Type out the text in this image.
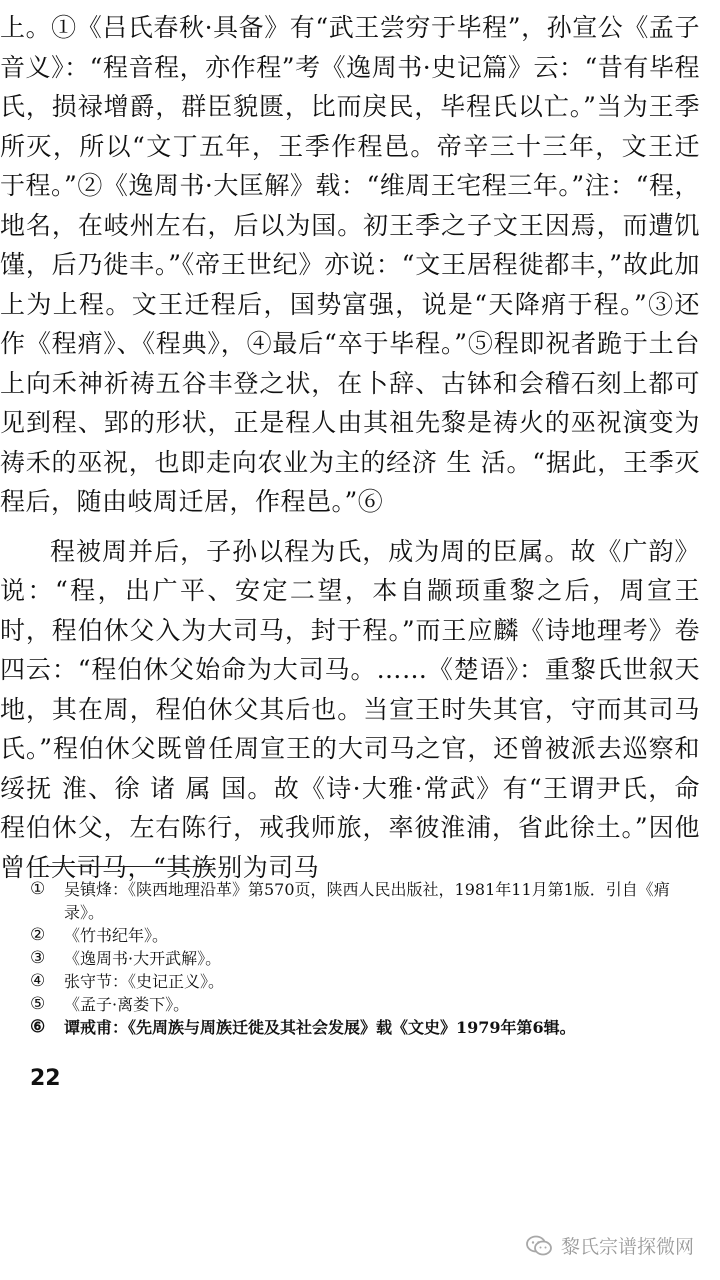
上。①《吕氏春秋·具备》有“武王尝穷于毕程”，孙宣公《孟子音义》：“程音程，亦作程”考《逸周书·史记篇》云：“昔有毕程氏，损禄增爵，群臣貌匮，比而戾民，毕程氏以亡。”当为王季所灭，所以“文丁五年，王季作程邑。帝辛三十三年，文王迁于程。”②《逸周书·大匡解》载：“维周王宅程三年。”注：“程，地名，在岐州左右，后以为国。初王季之子文王因焉，而遭饥馑，后乃徙丰。”《帝王世纪》亦说：“文王居程徙都丰，”故此加上为上程。文王迁程后，国势富强，说是“天降痟于程。”③还作《程痟》、《程典》，④最后“卒于毕程。”⑤程即祝者跪于土台上向禾神祈祷五谷丰登之状，在卜辞、古钵和会稽石刻上都可见到程、郢的形状，正是程人由其祖先黎是祷火的巫祝演变为祷禾的巫祝，也即走向农业为主的经济 生 活。“据此，王季灭程后，随由岐周迁居，作程邑。”⑥

程被周并后，子孙以程为氏，成为周的臣属。故《广韵》说：“程，出广平、安定二望，本自颛顼重黎之后，周宣王时，程伯休父入为大司马，封于程。”而王应麟《诗地理考》卷四云：“程伯休父始命为大司马。……《楚语》：重黎氏世叙天地，其在周，程伯休父其后也。当宣王时失其官，守而其司马氏。”程伯休父既曾任周宣王的大司马之官，还曾被派去巡察和绥抚 淮、徐 诸 属 国。故《诗·大雅·常武》有“王谓尹氏，命程伯休父，左右陈行，戒我师旅，率彼淮浦，省此徐土。”因他曾任大司马，“其族别为司马

①	吴镇烽：《陕西地理沿革》第570页，陕西人民出版社，1981年11月第1版．引自《痟录》。
②	《竹书纪年》。
③	《逸周书·大开武解》。
④	张守节：《史记正义》。
⑤	《孟子·离娄下》。
⑥	谭戒甫：《先周族与周族迁徙及其社会发展》载《文史》1979年第6辑。
22
黎氏宗谱探微网
